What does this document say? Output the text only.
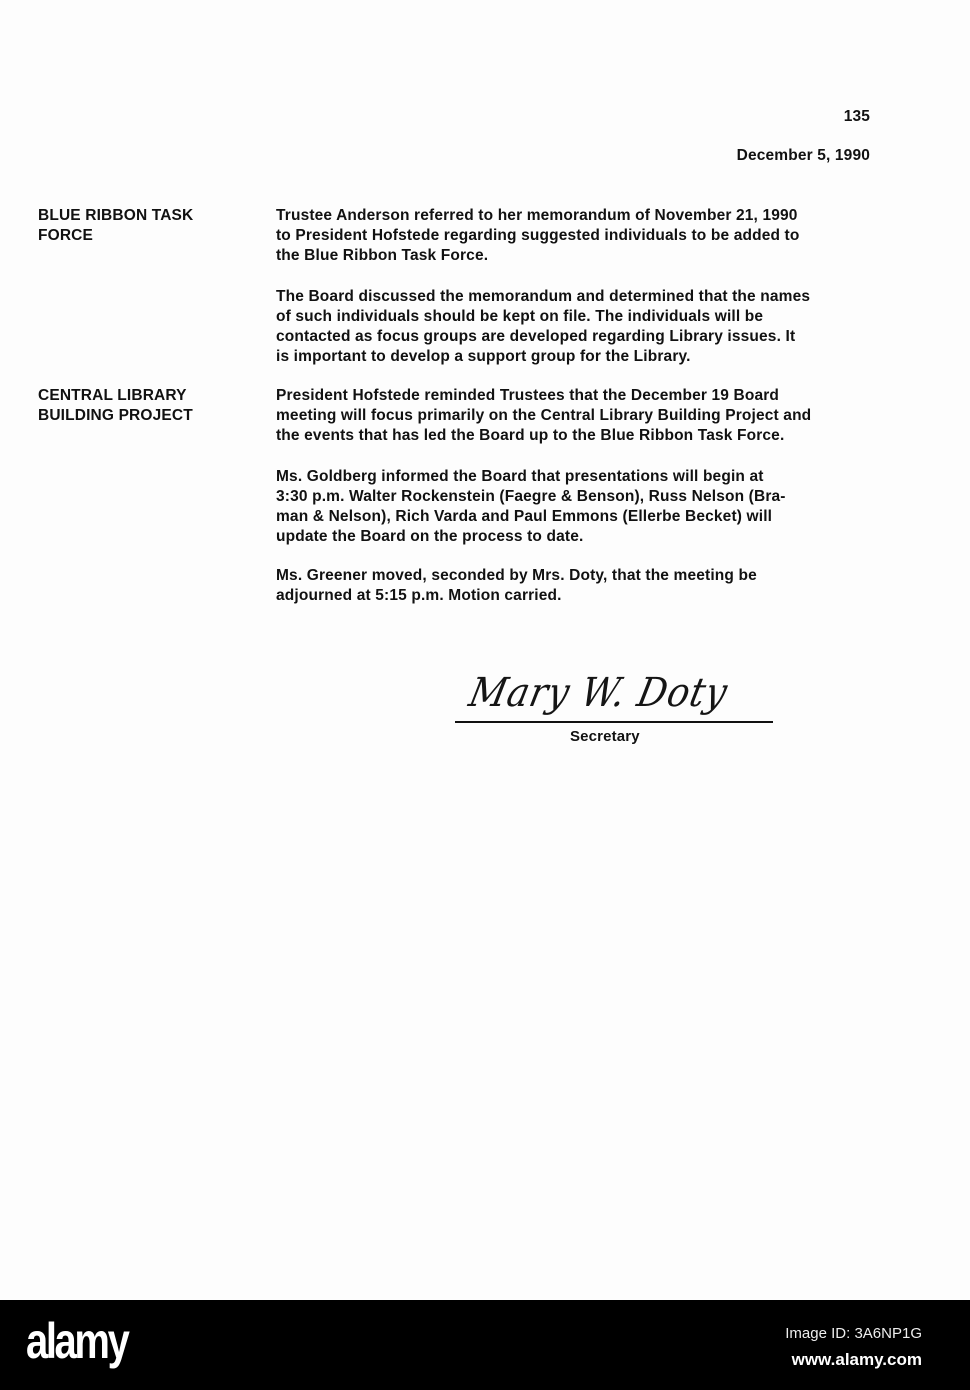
135
December 5, 1990
BLUE RIBBON TASK
FORCE
Trustee Anderson referred to her memorandum of November 21, 1990
to President Hofstede regarding suggested individuals to be added to
the Blue Ribbon Task Force.
The Board discussed the memorandum and determined that the names
of such individuals should be kept on file. The individuals will be
contacted as focus groups are developed regarding Library issues. It
is important to develop a support group for the Library.
CENTRAL LIBRARY
BUILDING PROJECT
President Hofstede reminded Trustees that the December 19 Board
meeting will focus primarily on the Central Library Building Project and
the events that has led the Board up to the Blue Ribbon Task Force.
Ms. Goldberg informed the Board that presentations will begin at
3:30 p.m. Walter Rockenstein (Faegre & Benson), Russ Nelson (Bra-
man & Nelson), Rich Varda and Paul Emmons (Ellerbe Becket) will
update the Board on the process to date.
Ms. Greener moved, seconded by Mrs. Doty, that the meeting be
adjourned at 5:15 p.m. Motion carried.
Mary W. Doty
Secretary
alamy	Image ID: 3A6NP1G
www.alamy.com
